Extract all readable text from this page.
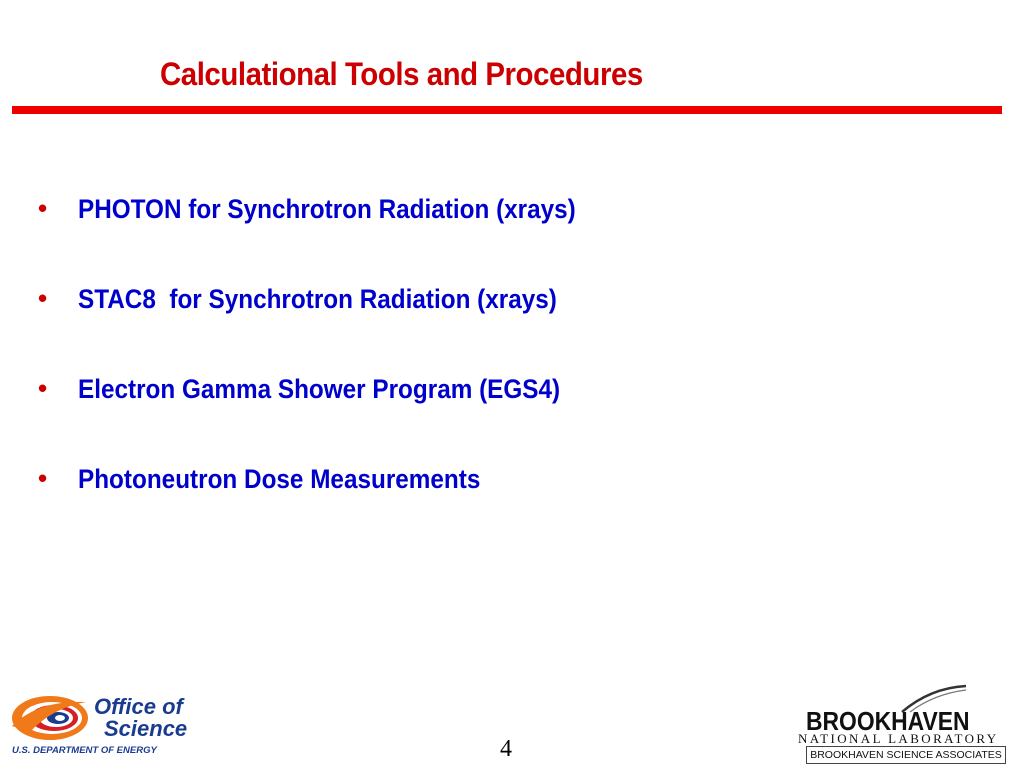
Calculational Tools and Procedures
•	PHOTON for Synchrotron Radiation (xrays)
•	STAC8  for Synchrotron Radiation (xrays)
•	Electron Gamma Shower Program (EGS4)
•	Photoneutron Dose Measurements
Office of
Science
U.S. DEPARTMENT OF ENERGY	4
BROOKHAVEN
NATIONAL LABORATORY
BROOKHAVEN SCIENCE ASSOCIATES
